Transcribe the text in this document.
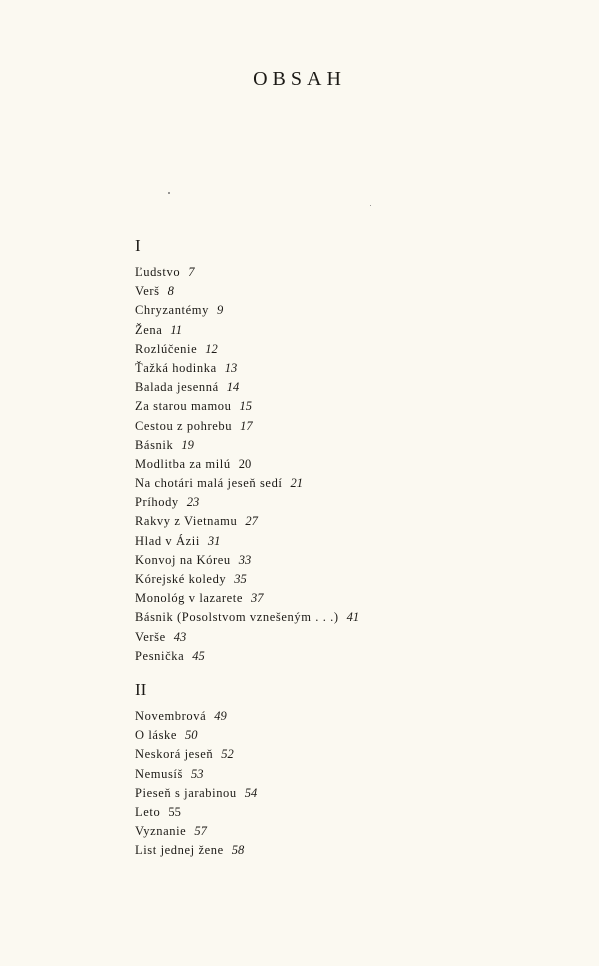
OBSAH
I
Ľudstvo 7
Verš 8
Chryzantémy 9
Žena 11
Rozlúčenie 12
Ťažká hodinka 13
Balada jesenná 14
Za starou mamou 15
Cestou z pohrebu 17
Básnik 19
Modlitba za milú 20
Na chotári malá jeseň sedí 21
Príhody 23
Rakvy z Vietnamu 27
Hlad v Ázii 31
Konvoj na Kóreu 33
Kórejské koledy 35
Monológ v lazarete 37
Básnik (Posolstvom vznešeným . . .) 41
Verše 43
Pesnička 45
II
Novembrová 49
O láske 50
Neskorá jeseň 52
Nemusíš 53
Pieseň s jarabinou 54
Leto 55
Vyznanie 57
List jednej žene 58
